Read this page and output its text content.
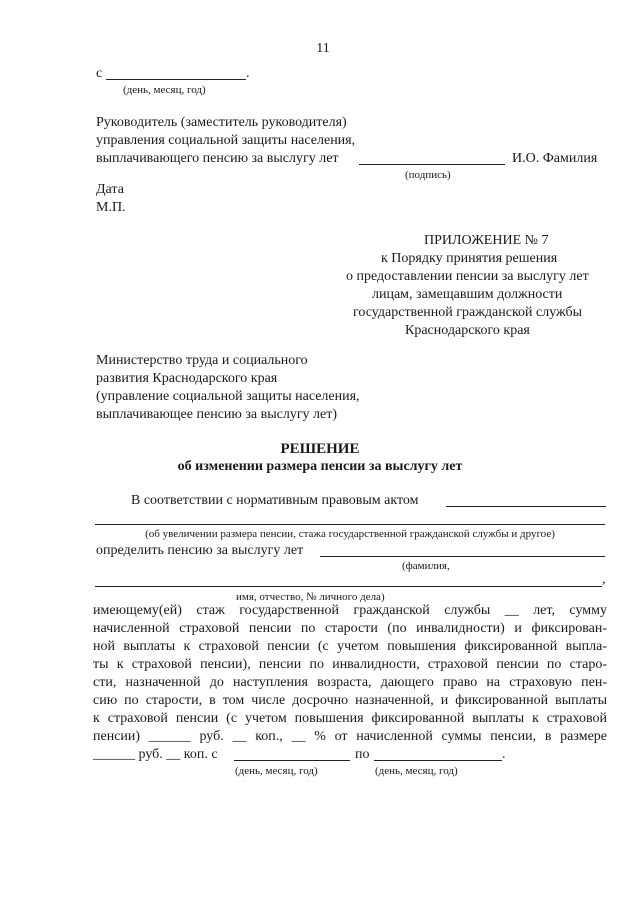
11
с	.
(день, месяц, год)
Руководитель (заместитель руководителя)
управления социальной защиты населения,
выплачивающего пенсию за выслугу лет	И.О. Фамилия
(подпись)
Дата
М.П.
ПРИЛОЖЕНИЕ № 7
к Порядку принятия решения
о предоставлении пенсии за выслугу лет
лицам, замещавшим должности
государственной гражданской службы
Краснодарского края
Министерство труда и социального
развития Краснодарского края
(управление социальной защиты населения,
выплачивающее пенсию за выслугу лет)
РЕШЕНИЕ
об изменении размера пенсии за выслугу лет
В соответствии с нормативным правовым актом
(об увеличении размера пенсии, стажа государственной гражданской службы и другое)
определить пенсию за выслугу лет
(фамилия,
,
имя, отчество, № личного дела)
имеющему(ей) стаж государственной гражданской службы __ лет, сумму
начисленной страховой пенсии по старости (по инвалидности) и фиксирован-
ной выплаты к страховой пенсии (с учетом повышения фиксированной выпла-
ты к страховой пенсии), пенсии по инвалидности, страховой пенсии по старо-
сти, назначенной до наступления возраста, дающего право на страховую пен-
сию по старости, в том числе досрочно назначенной, и фиксированной выплаты
к страховой пенсии (с учетом повышения фиксированной выплаты к страховой
пенсии) ______ руб. __ коп., __ % от начисленной суммы пенсии, в размере
______ руб. __ коп. с	по	.
(день, месяц, год)	(день, месяц, год)
